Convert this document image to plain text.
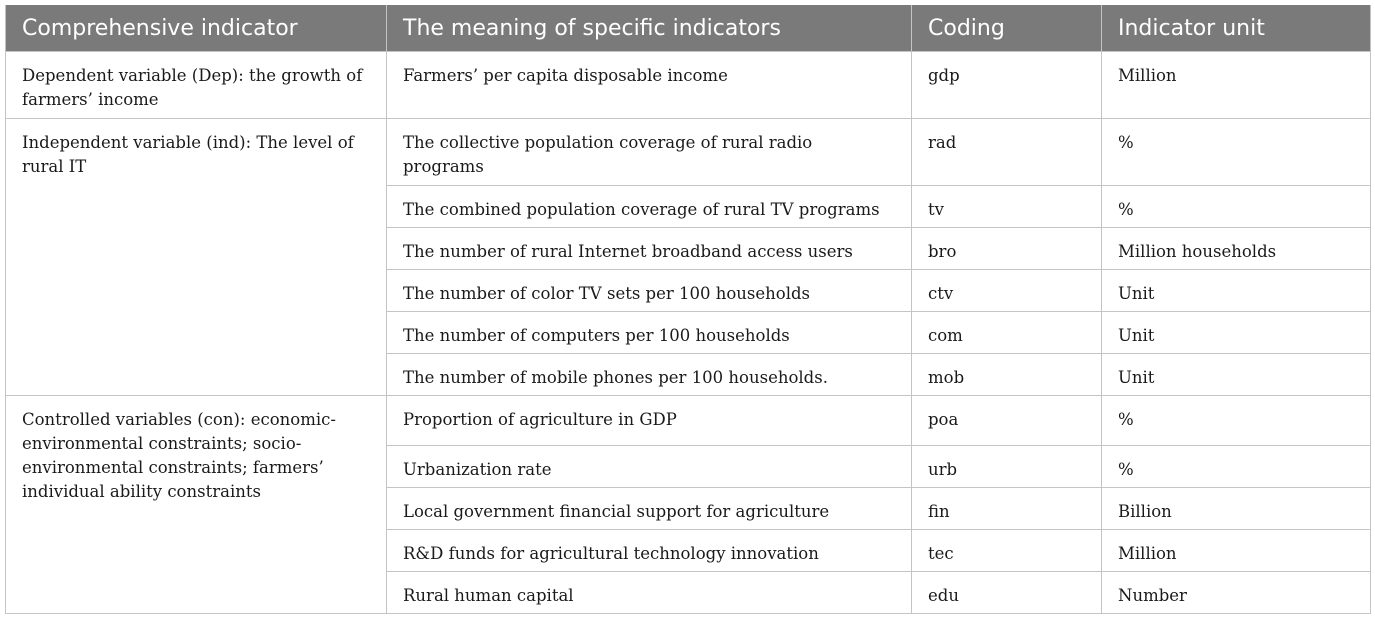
Comprehensive indicator	The meaning of specific indicators	Coding	Indicator unit
Dependent variable (Dep): the growth of farmers’ income	Farmers’ per capita disposable income	gdp	Million
Independent variable (ind): The level of rural IT	The collective population coverage of rural radio programs	rad	%
	The combined population coverage of rural TV programs	tv	%
	The number of rural Internet broadband access users	bro	Million households
	The number of color TV sets per 100 households	ctv	Unit
	The number of computers per 100 households	com	Unit
	The number of mobile phones per 100 households.	mob	Unit
Controlled variables (con): economic-environmental constraints; socio-environmental constraints; farmers’ individual ability constraints	Proportion of agriculture in GDP	poa	%
	Urbanization rate	urb	%
	Local government financial support for agriculture	fin	Billion
	R&D funds for agricultural technology innovation	tec	Million
	Rural human capital	edu	Number
